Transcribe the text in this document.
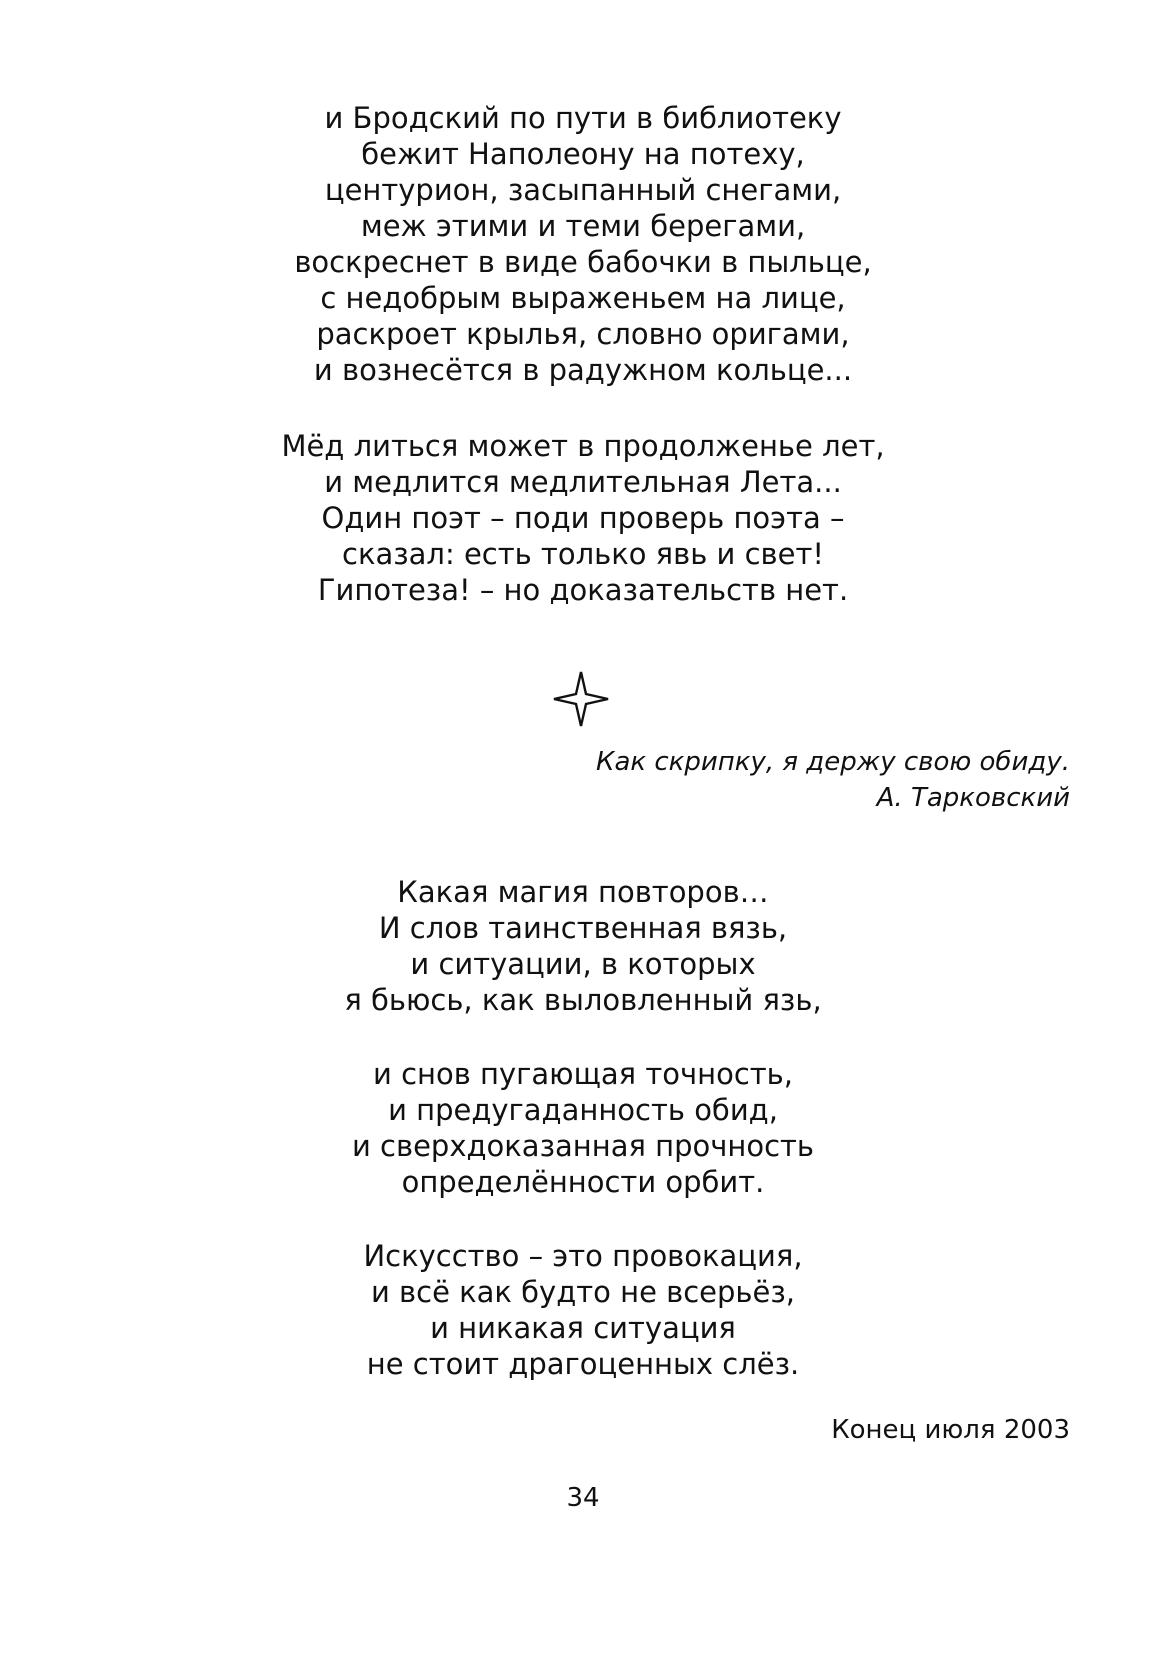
и Бродский по пути в библиотеку
бежит Наполеону на потеху,
центурион, засыпанный снегами,
меж этими и теми берегами,
воскреснет в виде бабочки в пыльце,
с недобрым выраженьем на лице,
раскроет крылья, словно оригами,
и вознесётся в радужном кольце...
Мёд литься может в продолженье лет,
и медлится медлительная Лета...
Один поэт – поди проверь поэта –
сказал: есть только явь и свет!
Гипотеза! – но доказательств нет.
Как скрипку, я держу свою обиду.
А. Тарковский
Какая магия повторов…
И слов таинственная вязь,
и ситуации, в которых
я бьюсь, как выловленный язь,
и снов пугающая точность,
и предугаданность обид,
и сверхдоказанная прочность
определённости орбит.
Искусство – это провокация,
и всё как будто не всерьёз,
и никакая ситуация
не стоит драгоценных слёз.
Конец июля 2003
34
